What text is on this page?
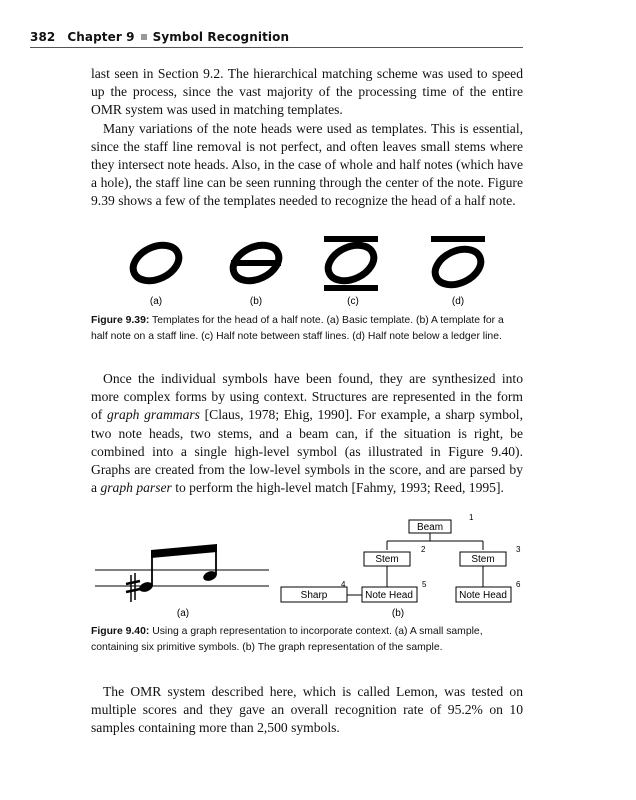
382 Chapter 9 Symbol Recognition

last seen in Section 9.2. The hierarchical matching scheme was used to speed up the process, since the vast majority of the processing time of the entire OMR system was used in matching templates.

Many variations of the note heads were used as templates. This is essential, since the staff line removal is not perfect, and often leaves small stems where they intersect note heads. Also, in the case of whole and half notes (which have a hole), the staff line can be seen running through the center of the note. Figure 9.39 shows a few of the templates needed to recognize the head of a half note.

(a)	(b)	(c)	(d)
Figure 9.39: Templates for the head of a half note. (a) Basic template. (b) A template for a half note on a staff line. (c) Half note between staff lines. (d) Half note below a ledger line.

Once the individual symbols have been found, they are synthesized into more complex forms by using context. Structures are represented in the form of graph grammars [Claus, 1978; Ehig, 1990]. For example, a sharp symbol, two note heads, two stems, and a beam can, if the situation is right, be combined into a single high-level symbol (as illustrated in Figure 9.40). Graphs are created from the low-level symbols in the score, and are parsed by a graph parser to perform the high-level match [Fahmy, 1993; Reed, 1995].

(a)
Beam
1
Stem
2
Stem
3
Sharp
4
Note Head
5
Note Head
6
(b)
Figure 9.40: Using a graph representation to incorporate context. (a) A small sample, containing six primitive symbols. (b) The graph representation of the sample.

The OMR system described here, which is called Lemon, was tested on multiple scores and they gave an overall recognition rate of 95.2% on 10 samples containing more than 2,500 symbols.
